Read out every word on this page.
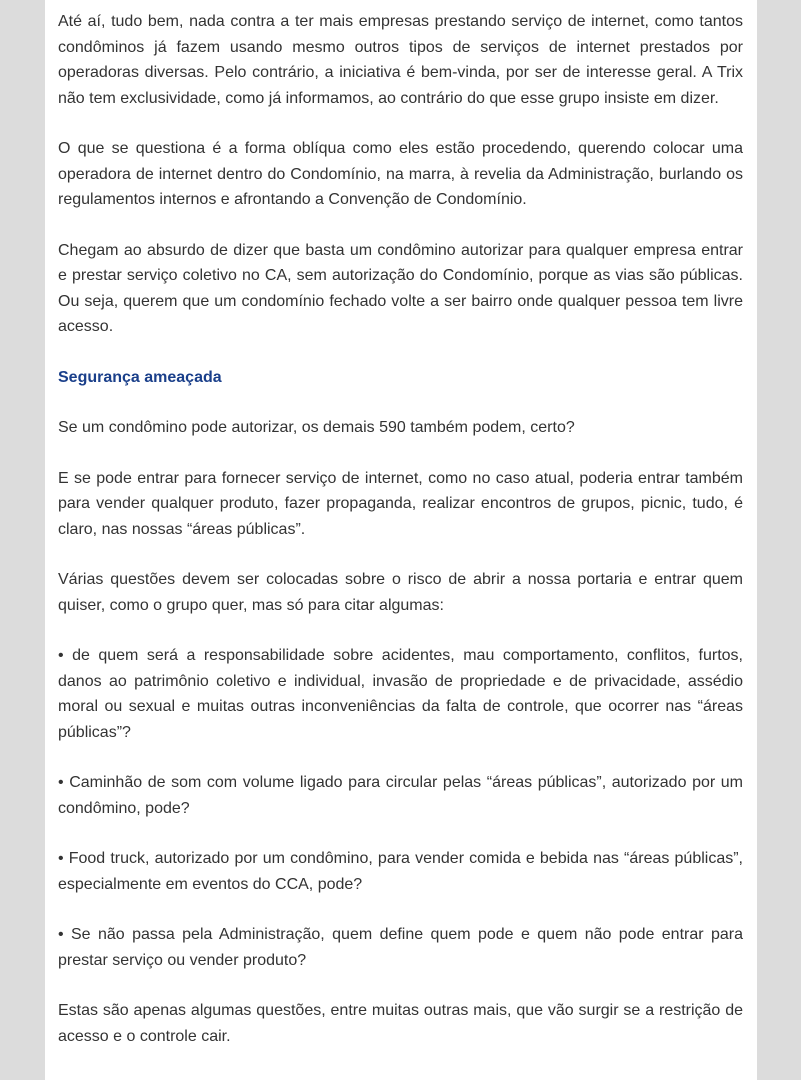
Até aí, tudo bem, nada contra a ter mais empresas prestando serviço de internet, como tantos condôminos já fazem usando mesmo outros tipos de serviços de internet prestados por operadoras diversas. Pelo contrário, a iniciativa é bem-vinda, por ser de interesse geral. A Trix não tem exclusividade, como já informamos, ao contrário do que esse grupo insiste em dizer.

O que se questiona é a forma oblíqua como eles estão procedendo, querendo colocar uma operadora de internet dentro do Condomínio, na marra, à revelia da Administração, burlando os regulamentos internos e afrontando a Convenção de Condomínio.

Chegam ao absurdo de dizer que basta um condômino autorizar para qualquer empresa entrar e prestar serviço coletivo no CA, sem autorização do Condomínio, porque as vias são públicas. Ou seja, querem que um condomínio fechado volte a ser bairro onde qualquer pessoa tem livre acesso.

Segurança ameaçada

Se um condômino pode autorizar, os demais 590 também podem, certo?

E se pode entrar para fornecer serviço de internet, como no caso atual, poderia entrar também para vender qualquer produto, fazer propaganda, realizar encontros de grupos, picnic, tudo, é claro, nas nossas “áreas públicas”.

Várias questões devem ser colocadas sobre o risco de abrir a nossa portaria e entrar quem quiser, como o grupo quer, mas só para citar algumas:

• de quem será a responsabilidade sobre acidentes, mau comportamento, conflitos, furtos, danos ao patrimônio coletivo e individual, invasão de propriedade e de privacidade, assédio moral ou sexual e muitas outras inconveniências da falta de controle, que ocorrer nas “áreas públicas”?

• Caminhão de som com volume ligado para circular pelas “áreas públicas”, autorizado por um condômino, pode?

• Food truck, autorizado por um condômino, para vender comida e bebida nas “áreas públicas”, especialmente em eventos do CCA, pode?

• Se não passa pela Administração, quem define quem pode e quem não pode entrar para prestar serviço ou vender produto?

Estas são apenas algumas questões, entre muitas outras mais, que vão surgir se a restrição de acesso e o controle cair.
